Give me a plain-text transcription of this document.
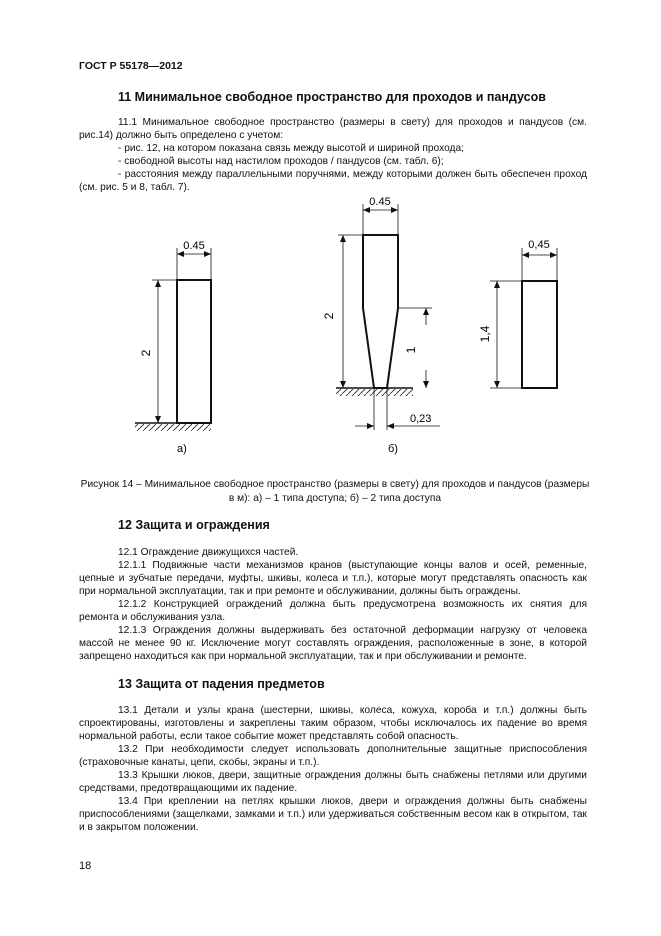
ГОСТ Р 55178—2012
11 Минимальное свободное пространство для проходов и пандусов
11.1 Минимальное свободное пространство (размеры в свету) для проходов и пандусов (см. рис.14) должно быть определено с учетом:
- рис. 12, на котором показана связь между высотой и шириной прохода;
- свободной высоты над настилом проходов / пандусов (см. табл. 6);
- расстояния между параллельными поручнями, между которыми должен быть обеспечен проход (см. рис. 5 и 8, табл. 7).
0.45
2
а)
0.45
2
1
0,23
б)
0,45
1,4
Рисунок 14 – Минимальное свободное пространство (размеры в свету) для проходов и пандусов (размеры в м): а) – 1 типа доступа; б) – 2 типа доступа
12 Защита и ограждения
12.1 Ограждение движущихся частей.
12.1.1 Подвижные части механизмов кранов (выступающие концы валов и осей, ременные, цепные и зубчатые передачи, муфты, шкивы, колеса и т.п.), которые могут представлять опасность как при нормальной эксплуатации, так и при ремонте и обслуживании, должны быть ограждены.
12.1.2 Конструкцией ограждений должна быть предусмотрена возможность их снятия для ремонта и обслуживания узла.
12.1.3 Ограждения должны выдерживать без остаточной деформации нагрузку от человека массой не менее 90 кг. Исключение могут составлять ограждения, расположенные в зоне, в которой запрещено находиться как при нормальной эксплуатации, так и при обслуживании и ремонте.
13 Защита от падения предметов
13.1 Детали и узлы крана (шестерни, шкивы, колеса, кожуха, короба и т.п.) должны быть спроектированы, изготовлены и закреплены таким образом, чтобы исключалось их падение во время нормальной работы, если такое событие может представлять собой опасность.
13.2 При необходимости следует использовать дополнительные защитные приспособления (страховочные канаты, цепи, скобы, экраны и т.п.).
13.3 Крышки люков, двери, защитные ограждения должны быть снабжены петлями или другими средствами, предотвращающими их падение.
13.4 При креплении на петлях крышки люков, двери и ограждения должны быть снабжены приспособлениями (защелками, замками и т.п.) или удерживаться собственным весом как в открытом, так и в закрытом положении.
18
